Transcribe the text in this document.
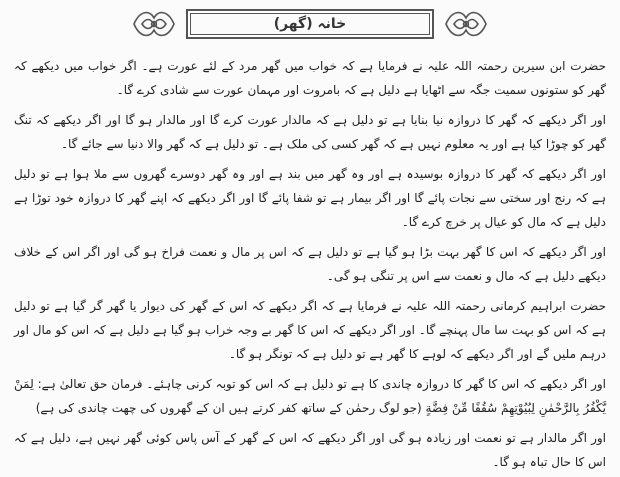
خانہ (گھر)

حضرت ابن سیرین رحمتہ اللہ علیہ نے فرمایا ہے کہ خواب میں گھر مرد کے لئے عورت ہے۔ اگر خواب میں دیکھے کہ گھر کو ستونوں سمیت جگہ سے اٹھایا ہے دلیل ہے کہ بامروت اور مہمان عورت سے شادی کرے گا۔

اور اگر دیکھے کہ گھر کا دروازہ نیا بنایا ہے تو دلیل ہے کہ مالدار عورت کرے گا اور مالدار ہو گا اور اگر دیکھے کہ تنگ گھر کو چوڑا کیا ہے اور یہ معلوم نہیں ہے کہ گھر کسی کی ملک ہے۔ تو دلیل ہے کہ گھر والا دنیا سے جائے گا۔

اور اگر دیکھے کہ گھر کا دروازہ بوسیدہ ہے اور وہ گھر میں بند ہے اور وہ گھر دوسرے گھروں سے ملا ہوا ہے تو دلیل ہے کہ رنج اور سختی سے نجات پائے گا اور اگر بیمار ہے تو شفا پائے گا اور اگر دیکھے کہ اپنے گھر کا دروازہ خود توڑا ہے دلیل ہے کہ مال کو عیال پر خرچ کرے گا۔

اور اگر دیکھے کہ اس کا گھر بہت بڑا ہو گیا ہے تو دلیل ہے کہ اس پر مال و نعمت فراخ ہو گی اور اگر اس کے خلاف دیکھے دلیل ہے کہ مال و نعمت سے اس پر تنگی ہو گی۔

حضرت ابراہیم کرمانی رحمتہ اللہ علیہ نے فرمایا ہے کہ اگر دیکھے کہ اس کے گھر کی دیوار یا گھر گر گیا ہے تو دلیل ہے کہ اس کو بہت سا مال پہنچے گا۔ اور اگر دیکھے کہ اس کا گھر بے وجہ خراب ہو گیا ہے دلیل ہے کہ اس کو مال اور درہم ملیں گے اور اگر دیکھے کہ لوہے کا گھر ہے تو دلیل ہے کہ تونگر ہو گا۔

اور اگر دیکھے کہ اس کا گھر کا دروازہ چاندی کا ہے تو دلیل ہے کہ اس کو توبہ کرنی چاہئے۔ فرمان حق تعالیٰ ہے: لِمَنْ يَّكْفُرُ بِالرَّحْمٰنِ لِبُيُوْتِهِمْ سُقُفًا مِّنْ فِضَّةٍ (جو لوگ رحمٰن کے ساتھ کفر کرتے ہیں ان کے گھروں کی چھت چاندی کی ہے)

اور اگر مالدار ہے تو نعمت اور زیادہ ہو گی اور اگر دیکھے کہ اس کے گھر کے آس پاس کوئی گھر نہیں ہے، دلیل ہے کہ اس کا حال تباہ ہو گا۔
